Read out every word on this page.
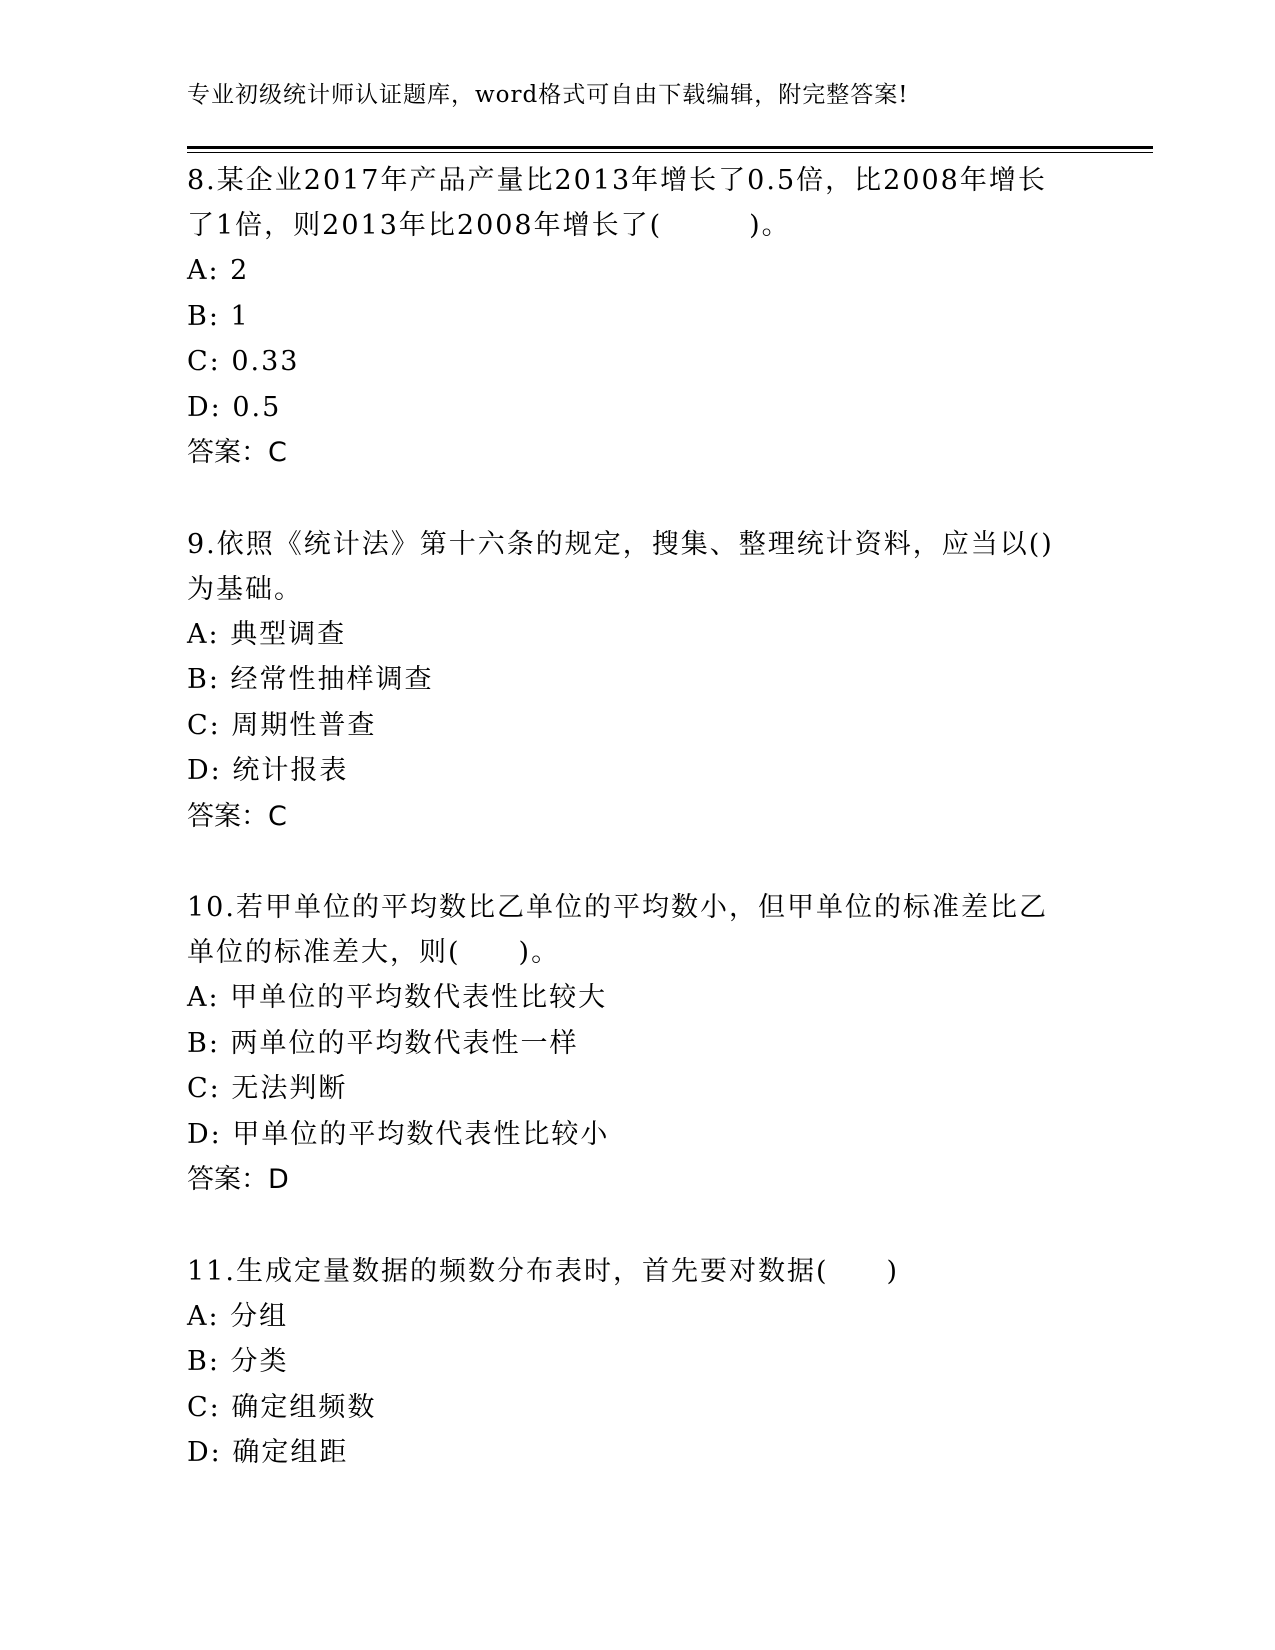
专业初级统计师认证题库，word格式可自由下载编辑，附完整答案!

8.某企业2017年产品产量比2013年增长了0.5倍，比2008年增长了1倍，则2013年比2008年增长了(　　　)。

A: 2

B: 1

C: 0.33

D: 0.5

答案：C

9.依照《统计法》第十六条的规定，搜集、整理统计资料，应当以()为基础。

A: 典型调查

B: 经常性抽样调查

C: 周期性普查

D: 统计报表

答案：C

10.若甲单位的平均数比乙单位的平均数小，但甲单位的标准差比乙单位的标准差大，则(　　)。

A: 甲单位的平均数代表性比较大

B: 两单位的平均数代表性一样

C: 无法判断

D: 甲单位的平均数代表性比较小

答案：D

11.生成定量数据的频数分布表时，首先要对数据(　　)

A: 分组

B: 分类

C: 确定组频数

D: 确定组距
